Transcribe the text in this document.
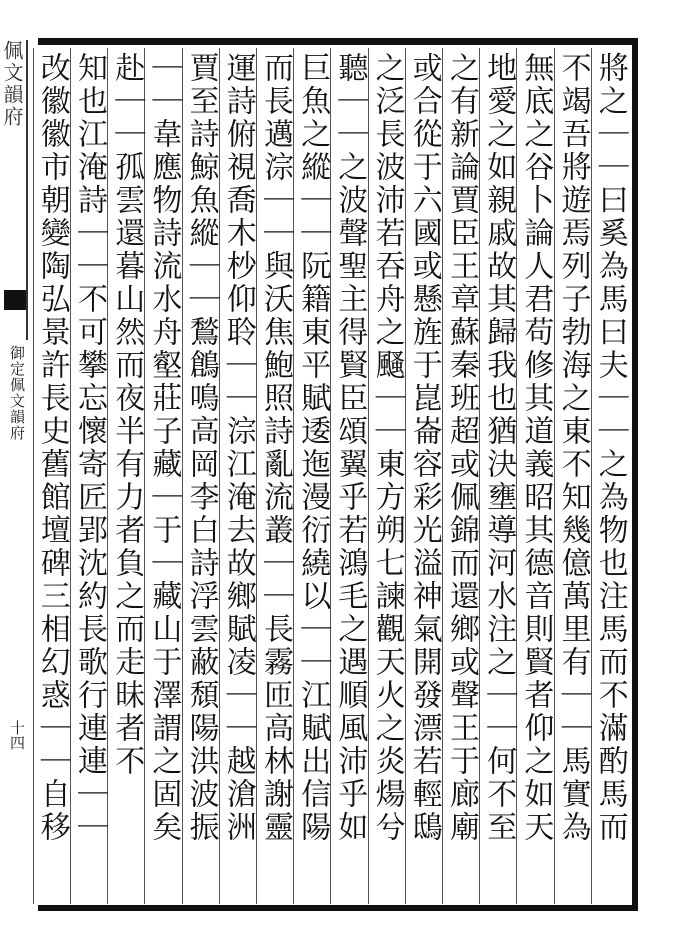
佩文韻府
御定佩文韻府
十四	將之｜｜曰奚為馬曰夫｜｜之為物也注馬而不滿酌馬而
不竭吾將遊焉列子勃海之東不知幾億萬里有｜｜馬實為
無底之谷卜論人君苟修其道義昭其德音則賢者仰之如天
地愛之如親戚故其歸我也猶決壅導河水注之｜｜何不至
之有新論賈臣王章蘇秦班超或佩錦而還鄉或聲王于廊廟
或合從于六國或懸旌于崑崙容彩光溢神氣開發漂若輕鴟
之泛長波沛若吞舟之颾｜｜東方朔七諫觀天火之炎煬兮
聽｜｜之波聲聖主得賢臣頌翼乎若鴻毛之遇順風沛乎如
巨魚之縱｜｜阮籍東平賦逶迤漫衍繞以｜｜江賦出信陽
而長邁淙｜｜與沃焦鮑照詩亂流叢｜｜長霧匝高林謝靈
運詩俯視喬木杪仰聆｜｜淙江淹去故鄉賦凌｜｜越滄洲
賈至詩鯨魚縱｜｜鶖鶬鳴高岡李白詩浮雲蔽頹陽洪波振
｜｜韋應物詩流水舟壑莊子藏｜于｜藏山于澤謂之固矣
赴｜｜孤雲還暮山然而夜半有力者負之而走昧者不
知也江淹詩｜｜不可攀忘懷寄匠郢沈約長歌行連連｜｜
改徽徽市朝變陶弘景許長史舊館壇碑三相幻惑｜｜自移
